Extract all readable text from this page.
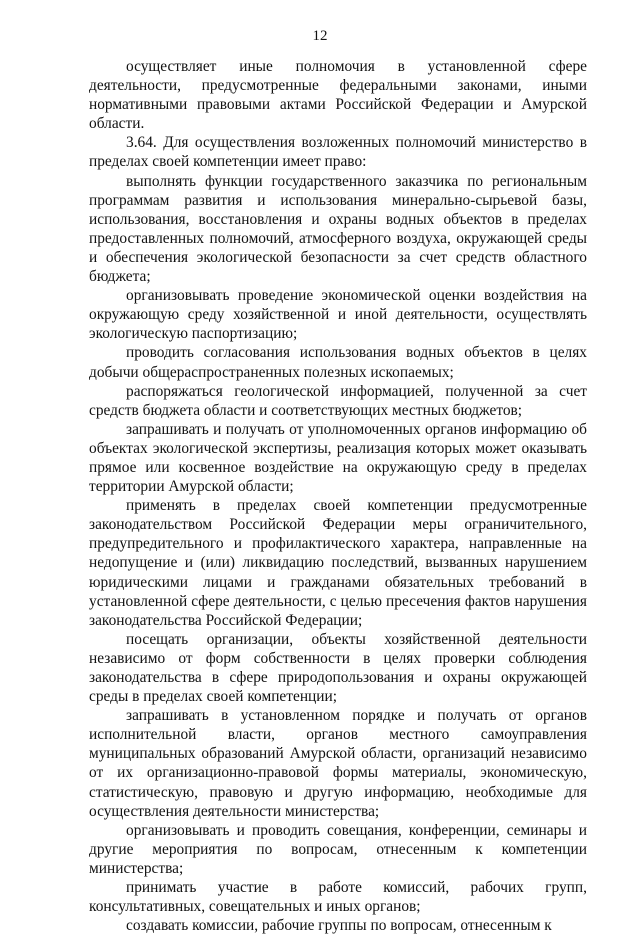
12

осуществляет иные полномочия в установленной сфере деятельности, предусмотренные федеральными законами, иными нормативными правовыми актами Российской Федерации и Амурской области.

3.64. Для осуществления возложенных полномочий министерство в пределах своей компетенции имеет право:

выполнять функции государственного заказчика по региональным программам развития и использования минерально-сырьевой базы, использования, восстановления и охраны водных объектов в пределах предоставленных полномочий, атмосферного воздуха, окружающей среды и обеспечения экологической безопасности за счет средств областного бюджета;

организовывать проведение экономической оценки воздействия на окружающую среду хозяйственной и иной деятельности, осуществлять экологическую паспортизацию;

проводить согласования использования водных объектов в целях добычи общераспространенных полезных ископаемых;

распоряжаться геологической информацией, полученной за счет средств бюджета области и соответствующих местных бюджетов;

запрашивать и получать от уполномоченных органов информацию об объектах экологической экспертизы, реализация которых может оказывать прямое или косвенное воздействие на окружающую среду в пределах территории Амурской области;

применять в пределах своей компетенции предусмотренные законодательством Российской Федерации меры ограничительного, предупредительного и профилактического характера, направленные на недопущение и (или) ликвидацию последствий, вызванных нарушением юридическими лицами и гражданами обязательных требований в установленной сфере деятельности, с целью пресечения фактов нарушения законодательства Российской Федерации;

посещать организации, объекты хозяйственной деятельности независимо от форм собственности в целях проверки соблюдения законодательства в сфере природопользования и охраны окружающей среды в пределах своей компетенции;

запрашивать в установленном порядке и получать от органов исполнительной власти, органов местного самоуправления муниципальных образований Амурской области, организаций независимо от их организационно-правовой формы материалы, экономическую, статистическую, правовую и другую информацию, необходимые для осуществления деятельности министерства;

организовывать и проводить совещания, конференции, семинары и другие мероприятия по вопросам, отнесенным к компетенции министерства;

принимать участие в работе комиссий, рабочих групп, консультативных, совещательных и иных органов;

создавать комиссии, рабочие группы по вопросам, отнесенным к
